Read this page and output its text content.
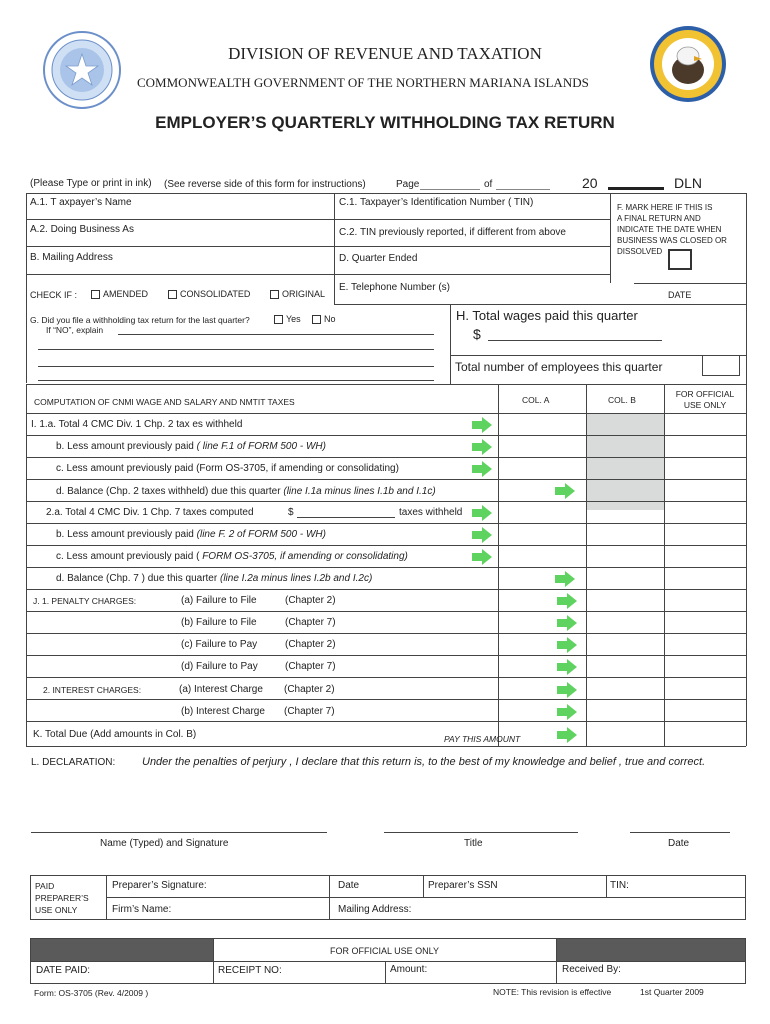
DIVISION OF REVENUE AND TAXATION
COMMONWEALTH GOVERNMENT OF THE NORTHERN MARIANA ISLANDS
EMPLOYER’S QUARTERLY WITHHOLDING TAX RETURN
(Please Type or print in ink) (See reverse side of this form for instructions)	Page	of	20	DLN
A.1. T axpayer’s Name
A.2. Doing Business As
B. Mailing Address
C.1. Taxpayer’s Identification Number ( TIN)
C.2. TIN previously reported, if different from above
D. Quarter Ended
E. Telephone Number (s)
CHECK IF :	AMENDED	CONSOLIDATED	ORIGINAL
F. MARK HERE IF THIS IS
A FINAL RETURN AND
INDICATE THE DATE WHEN
BUSINESS WAS CLOSED OR
DISSOLVED
DATE
G. Did you file a withholding tax return for the last quarter?	Yes	No
If “NO”, explain
H. Total wages paid this quarter
$
Total number of employees this quarter
COMPUTATION OF CNMI WAGE AND SALARY AND NMTIT TAXES	COL. A	COL. B
FOR OFFICIAL
USE ONLY
I. 1.a. Total 4 CMC Div. 1 Chp. 2 tax es withheld
b. Less amount previously paid ( line F.1 of FORM 500 - WH)
c. Less amount previously paid (Form OS-3705, if amending or consolidating)
d. Balance (Chp. 2 taxes withheld) due this quarter (line I.1a minus lines I.1b and I.1c)
2.a. Total 4 CMC Div. 1 Chp. 7 taxes computed	$	taxes withheld
b. Less amount previously paid (line F. 2 of FORM 500 - WH)
c. Less amount previously paid ( FORM OS-3705, if amending or consolidating)
d. Balance (Chp. 7 ) due this quarter (line I.2a minus lines I.2b and I.2c)
J. 1. PENALTY CHARGES:	(a) Failure to File	(Chapter 2)
(b) Failure to File	(Chapter 7)
(c) Failure to Pay	(Chapter 2)
(d) Failure to Pay	(Chapter 7)
2. INTEREST CHARGES:	(a) Interest Charge (Chapter 2)
(b) Interest Charge (Chapter 7)
K. Total Due (Add amounts in Col. B)	PAY THIS AMOUNT
L. DECLARATION: Under the penalties of perjury , I declare that this return is, to the best of my knowledge and belief , true and correct.
Name (Typed) and Signature	Title	Date
PAID
PREPARER’S
USE ONLY
Preparer’s Signature:	Date	Preparer’s SSN	TIN:
Firm’s Name:	Mailing Address:
FOR OFFICIAL USE ONLY
DATE PAID:	RECEIPT NO:	Amount:	Received By:
Form: OS-3705 (Rev. 4/2009 )	NOTE: This revision is effective	1st Quarter 2009
